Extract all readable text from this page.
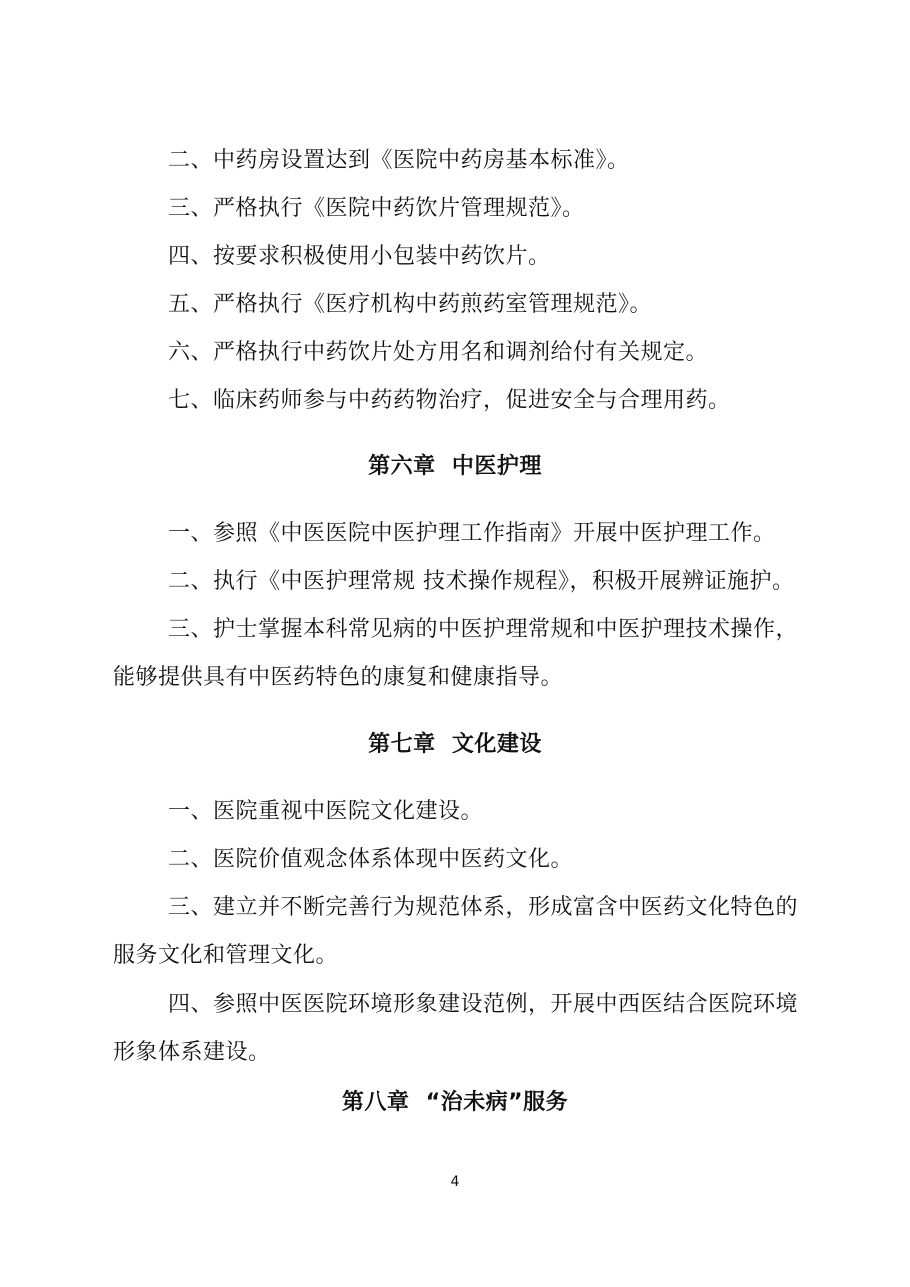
二、中药房设置达到《医院中药房基本标准》。
三、严格执行《医院中药饮片管理规范》。
四、按要求积极使用小包装中药饮片。
五、严格执行《医疗机构中药煎药室管理规范》。
六、严格执行中药饮片处方用名和调剂给付有关规定。
七、临床药师参与中药药物治疗，促进安全与合理用药。
第六章  中医护理
一、参照《中医医院中医护理工作指南》开展中医护理工作。
二、执行《中医护理常规 技术操作规程》，积极开展辨证施护。
三、护士掌握本科常见病的中医护理常规和中医护理技术操作，
能够提供具有中医药特色的康复和健康指导。
第七章  文化建设
一、医院重视中医院文化建设。
二、医院价值观念体系体现中医药文化。
三、建立并不断完善行为规范体系，形成富含中医药文化特色的
服务文化和管理文化。
四、参照中医医院环境形象建设范例，开展中西医结合医院环境
形象体系建设。
第八章  “治未病”服务
4
